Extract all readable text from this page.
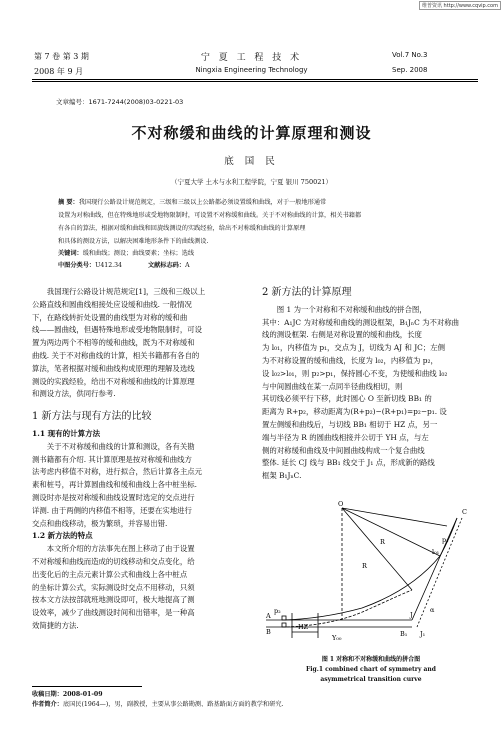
维普资讯 http://www.cqvip.com
第 7 卷 第 3 期
2008 年 9 月
宁 夏 工 程 技 术
Ningxia Engineering Technology
Vol.7 No.3
Sep. 2008
文章编号：1671-7244(2008)03-0221-03
不对称缓和曲线的计算原理和测设
底 国 民
（宁夏大学 土木与水利工程学院，宁夏 银川 750021）
摘 要：我国现行公路设计规范规定，三级和三级以上公路都必须设置缓和曲线，对于一般地形通常
设置为对称曲线，但在特殊地形或受地物限制时，可设置不对称缓和曲线。关于不对称曲线的计算，相关书籍都
有各自的算法，根据对缓和曲线和回旋线测设的实践经验，给出不对称缓和曲线的计算原理
和具体的测设方法，以解决困难地形条件下的曲线测设.
关键词：缓和曲线；测设；曲线要素；坐标；选线
中图分类号：U412.34	文献标志码：A
我国现行公路设计规范规定[1]，三级和三级以上
公路直线和圆曲线相接处应设缓和曲线. 一般情况
下，在路线转折处设置的曲线型为对称的缓和曲
线——圆曲线，但遇特殊地形或受地物限制时，可设
置为两边两个不相等的缓和曲线，既为不对称缓和
曲线. 关于不对称曲线的计算，相关书籍都有各自的
算法，笔者根据对缓和曲线构成原理的理解及选线
测设的实践经验，给出不对称缓和曲线的计算原理
和测设方法，供同行参考.
1 新方法与现有方法的比较
1.1 现有的计算方法
关于不对称缓和曲线的计算和测设，各有关勘
测书籍都有介绍. 其计算原理是按对称缓和曲线方
法考虑内移值不对称，进行拟合，然后计算各主点元
素和桩号，再计算圆曲线和缓和曲线上各中桩坐标.
测设时亦是按对称缓和曲线设置时选定的交点进行
详测. 由于两侧的内移值不相等，还要在实地进行
交点和曲线移动，极为繁琐，并容易出错.
1.2 新方法的特点
本文所介绍的方法事先在图上移动了由于设置
不对称缓和曲线而造成的切线移动和交点变化，给
出变化后的主点元素计算公式和曲线上各中桩点
的坐标计算公式，实际测设时交点不用移动，只须
按本文方法按部就班地测设即可，极大地提高了测
设效率，减少了曲线测设时间和出错率，是一种高
效简捷的方法.
2 新方法的计算原理
图 1 为一个对称和不对称缓和曲线的拼合图，
其中：A₁JC 为对称缓和曲线的测设框架，B₁JₙC 为不对称曲
线的测设框架. 右侧是对称设置的缓和曲线，长度
为 l₀₁，内移值为 p₁，交点为 J，切线为 AJ 和 JC；左侧
为不对称设置的缓和曲线，长度为 l₀₂，内移值为 p₂，
设 l₀₂>l₀₁，则 p₂>p₁，保持圆心不变，为使缓和曲线 l₀₂
与中间圆曲线在某一点同半径曲线相切，则
其切线必须平行下移，此时圆心 O 至新切线 BB₁ 的
距离为 R+p₂，移动距离为(R+p₂)−(R+p₁)=p₂−p₁. 设
置左侧缓和曲线后，与切线 BB₁ 相切于 HZ 点，另一
端与半径为 R 的圆曲线相接并公切于 YH 点，与左
侧的对称缓和曲线及中间圆曲线构成一个复合曲线
整体. 延长 CJ 线与 BB₁ 线交于 J₁ 点，形成新的路线
框架 B₁JₙC.
O
C
p₁
l₀₁
R
R
p₂
A
B
J
J₁
B₁
HZ
Y₀₀
α
图 1 对称和不对称缓和曲线的拼合图
Fig.1 combined chart of symmetry and
asymmetrical transition curve
收稿日期：2008-01-09
作者简介：底国民(1964—)，男，副教授，主要从事公路勘测、路基路面方面的教学和研究.
